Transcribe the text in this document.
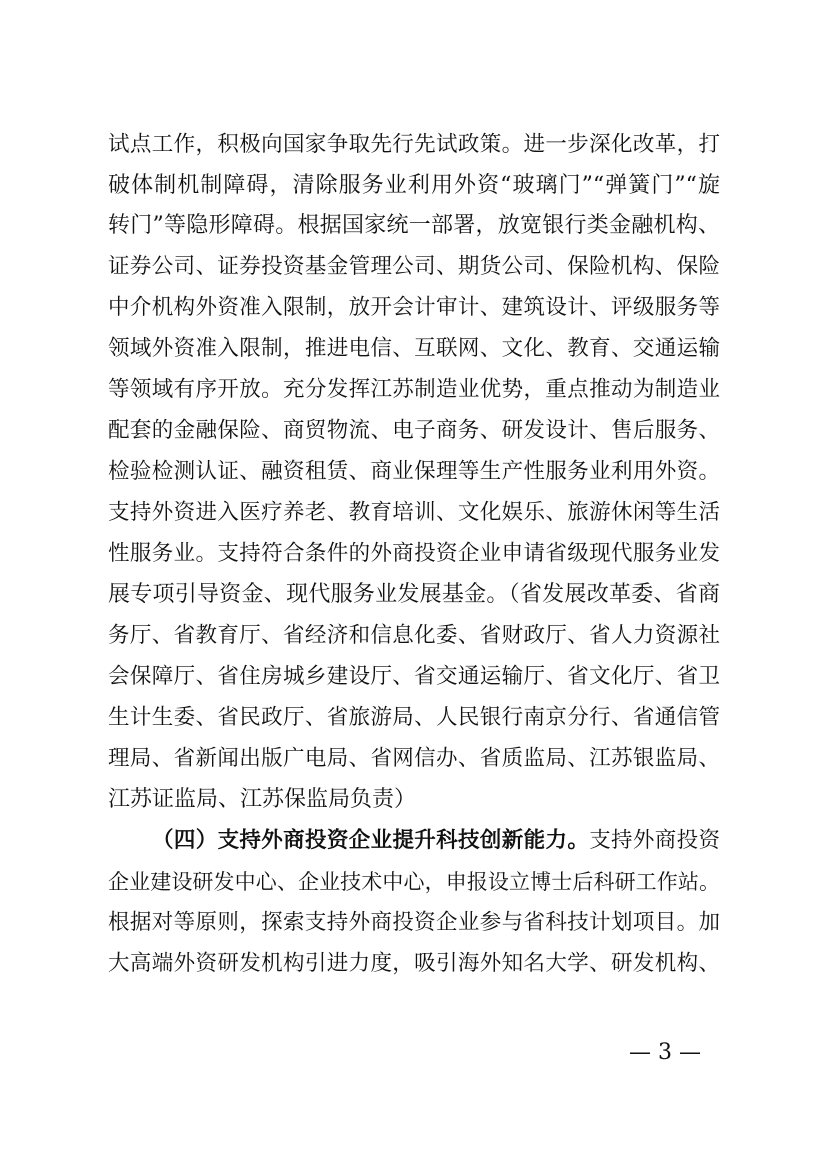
试点工作，积极向国家争取先行先试政策。进一步深化改革，打
破体制机制障碍，清除服务业利用外资“玻璃门”“弹簧门”“旋
转门”等隐形障碍。根据国家统一部署，放宽银行类金融机构、
证券公司、证券投资基金管理公司、期货公司、保险机构、保险
中介机构外资准入限制，放开会计审计、建筑设计、评级服务等
领域外资准入限制，推进电信、互联网、文化、教育、交通运输
等领域有序开放。充分发挥江苏制造业优势，重点推动为制造业
配套的金融保险、商贸物流、电子商务、研发设计、售后服务、
检验检测认证、融资租赁、商业保理等生产性服务业利用外资。
支持外资进入医疗养老、教育培训、文化娱乐、旅游休闲等生活
性服务业。支持符合条件的外商投资企业申请省级现代服务业发
展专项引导资金、现代服务业发展基金。（省发展改革委、省商
务厅、省教育厅、省经济和信息化委、省财政厅、省人力资源社
会保障厅、省住房城乡建设厅、省交通运输厅、省文化厅、省卫
生计生委、省民政厅、省旅游局、人民银行南京分行、省通信管
理局、省新闻出版广电局、省网信办、省质监局、江苏银监局、
江苏证监局、江苏保监局负责）
（四）支持外商投资企业提升科技创新能力。支持外商投资
企业建设研发中心、企业技术中心，申报设立博士后科研工作站。
根据对等原则，探索支持外商投资企业参与省科技计划项目。加
大高端外资研发机构引进力度，吸引海外知名大学、研发机构、
— 3 —
